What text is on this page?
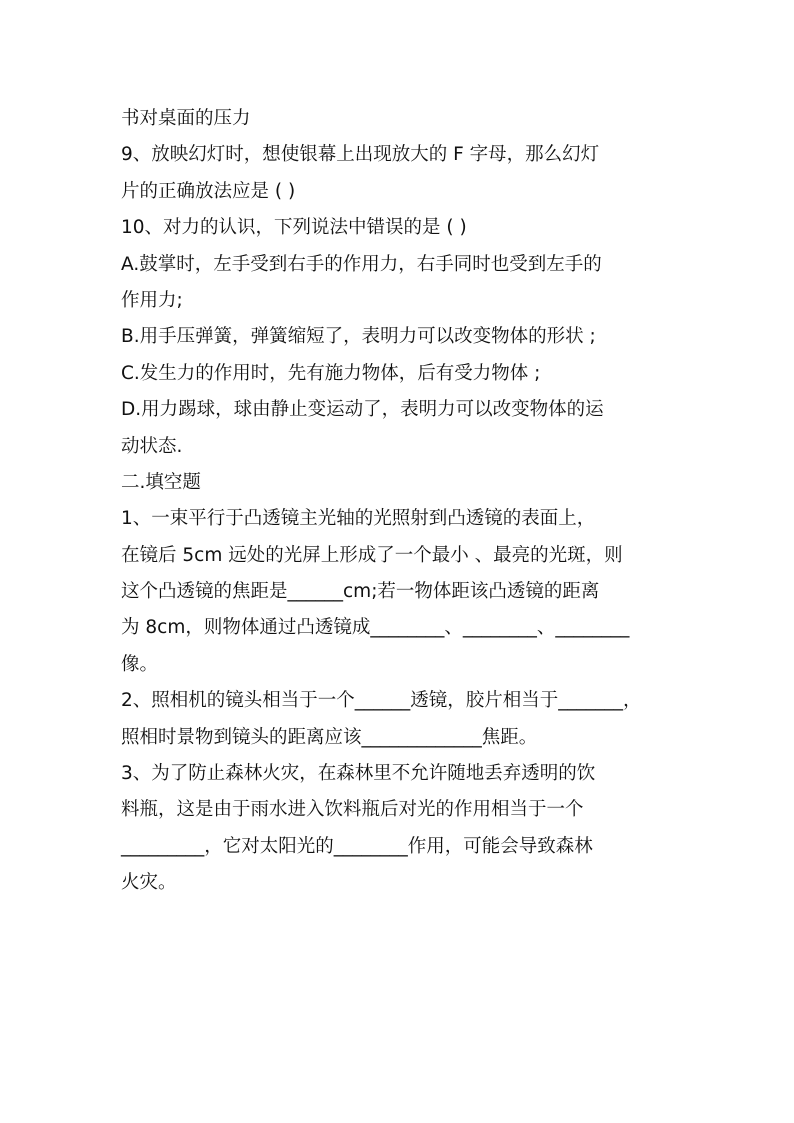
书对桌面的压力
9、放映幻灯时，想使银幕上出现放大的 F 字母，那么幻灯
片的正确放法应是 ( )
10、对力的认识，下列说法中错误的是 ( )
A.鼓掌时，左手受到右手的作用力，右手同时也受到左手的
作用力;
B.用手压弹簧，弹簧缩短了，表明力可以改变物体的形状 ;
C.发生力的作用时，先有施力物体，后有受力物体 ;
D.用力踢球，球由静止变运动了，表明力可以改变物体的运
动状态.
二.填空题
1、一束平行于凸透镜主光轴的光照射到凸透镜的表面上，
在镜后 5cm 远处的光屏上形成了一个最小 、最亮的光斑，则
这个凸透镜的焦距是______cm;若一物体距该凸透镜的距离
为 8cm，则物体通过凸透镜成________、________、________
像。
2、照相机的镜头相当于一个______透镜，胶片相当于_______，
照相时景物到镜头的距离应该_____________焦距。
3、为了防止森林火灾，在森林里不允许随地丢弃透明的饮
料瓶，这是由于雨水进入饮料瓶后对光的作用相当于一个
_________，它对太阳光的________作用，可能会导致森林
火灾。
